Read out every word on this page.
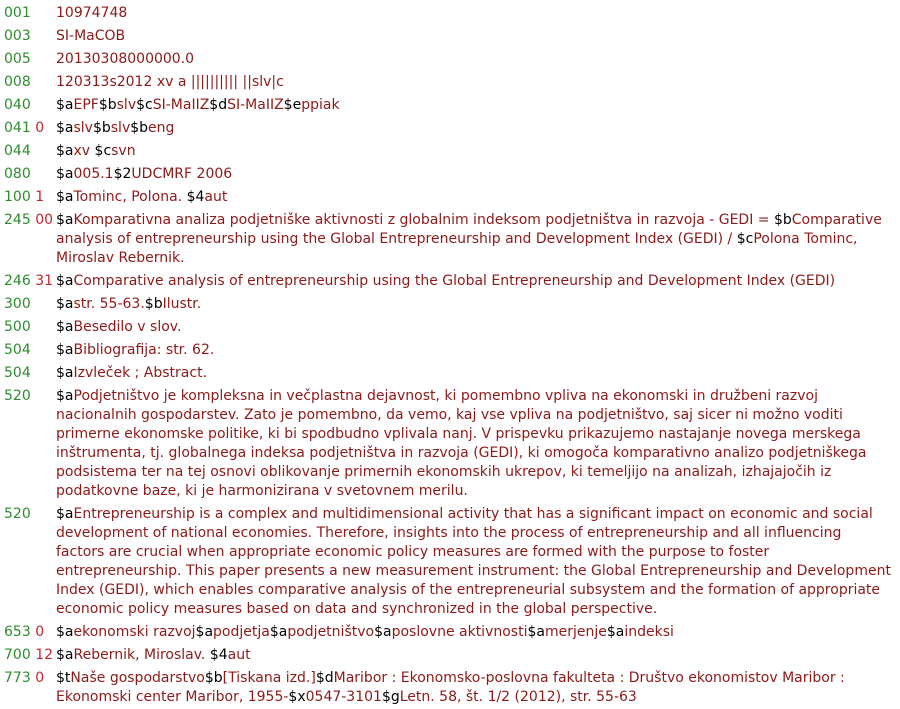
001	10974748
003	SI-MaCOB
005	20130308000000.0
008	120313s2012 xv a |||||||||| ||slv|c
040	$aEPF$bslv$cSI-MaIIZ$dSI-MaIIZ$eppiak
041 0 $aslv$bslv$beng
044	$axv $csvn
080	$a005.1$2UDCMRF 2006
100 1 $aTominc, Polona. $4aut
245 00 $aKomparativna analiza podjetniške aktivnosti z globalnim indeksom podjetništva in razvoja - GEDI = $bComparative analysis of entrepreneurship using the Global Entrepreneurship and Development Index (GEDI) / $cPolona Tominc, Miroslav Rebernik.
246 31 $aComparative analysis of entrepreneurship using the Global Entrepreneurship and Development Index (GEDI)
300	$astr. 55-63.$bIlustr.
500	$aBesedilo v slov.
504	$aBibliografija: str. 62.
504	$aIzvleček ; Abstract.
520	$aPodjetništvo je kompleksna in večplastna dejavnost, ki pomembno vpliva na ekonomski in družbeni razvoj nacionalnih gospodarstev. Zato je pomembno, da vemo, kaj vse vpliva na podjetništvo, saj sicer ni možno voditi primerne ekonomske politike, ki bi spodbudno vplivala nanj. V prispevku prikazujemo nastajanje novega merskega inštrumenta, tj. globalnega indeksa podjetništva in razvoja (GEDI), ki omogoča komparativno analizo podjetniškega podsistema ter na tej osnovi oblikovanje primernih ekonomskih ukrepov, ki temeljijo na analizah, izhajajočih iz podatkovne baze, ki je harmonizirana v svetovnem merilu.
520	$aEntrepreneurship is a complex and multidimensional activity that has a significant impact on economic and social development of national economies. Therefore, insights into the process of entrepreneurship and all influencing factors are crucial when appropriate economic policy measures are formed with the purpose to foster entrepreneurship. This paper presents a new measurement instrument: the Global Entrepreneurship and Development Index (GEDI), which enables comparative analysis of the entrepreneurial subsystem and the formation of appropriate economic policy measures based on data and synchronized in the global perspective.
653 0 $aekonomski razvoj$apodjetja$apodjetništvo$aposlovne aktivnosti$amerjenje$aindeksi
700 12 $aRebernik, Miroslav. $4aut
773 0 $tNaše gospodarstvo$b[Tiskana izd.]$dMaribor : Ekonomsko-poslovna fakulteta : Društvo ekonomistov Maribor : Ekonomski center Maribor, 1955-$x0547-3101$gLetn. 58, št. 1/2 (2012), str. 55-63
